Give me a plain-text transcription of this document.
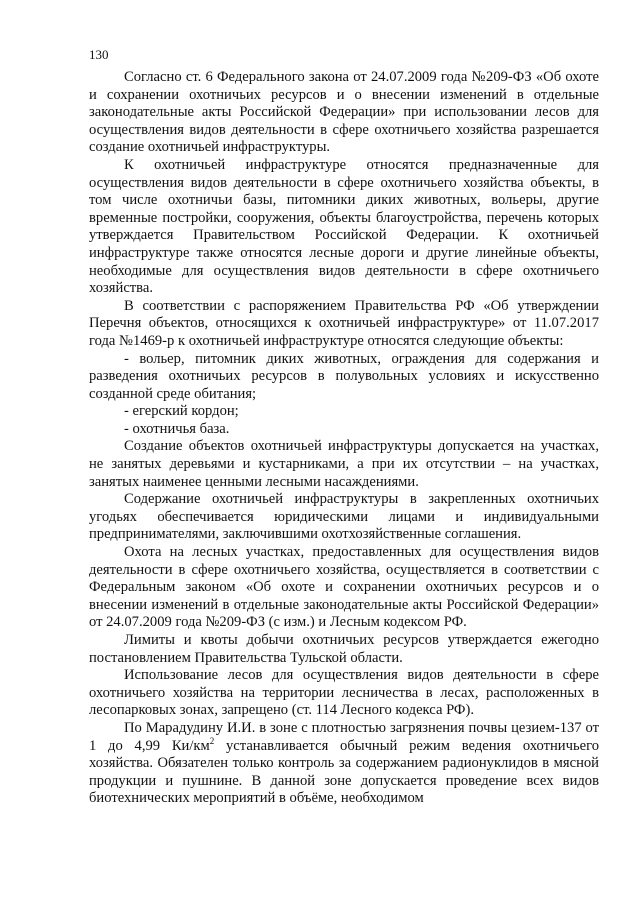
130

Согласно ст. 6 Федерального закона от 24.07.2009 года №209-ФЗ «Об охоте и сохранении охотничьих ресурсов и о внесении изменений в отдельные законодательные акты Российской Федерации» при использовании лесов для осуществления видов деятельности в сфере охотничьего хозяйства разрешается создание охотничьей инфраструктуры.

К охотничьей инфраструктуре относятся предназначенные для осуществления видов деятельности в сфере охотничьего хозяйства объекты, в том числе охотничьи базы, питомники диких животных, вольеры, другие временные постройки, сооружения, объекты благоустройства, перечень которых утверждается Правительством Российской Федерации. К охотничьей инфраструктуре также относятся лесные дороги и другие линейные объекты, необходимые для осуществления видов деятельности в сфере охотничьего хозяйства.

В соответствии с распоряжением Правительства РФ «Об утверждении Перечня объектов, относящихся к охотничьей инфраструктуре» от 11.07.2017 года №1469-р к охотничьей инфраструктуре относятся следующие объекты:

- вольер, питомник диких животных, ограждения для содержания и разведения охотничьих ресурсов в полувольных условиях и искусственно созданной среде обитания;

- егерский кордон;

- охотничья база.

Создание объектов охотничьей инфраструктуры допускается на участках, не занятых деревьями и кустарниками, а при их отсутствии – на участках, занятых наименее ценными лесными насаждениями.

Содержание охотничьей инфраструктуры в закрепленных охотничьих угодьях обеспечивается юридическими лицами и индивидуальными предпринимателями, заключившими охотхозяйственные соглашения.

Охота на лесных участках, предоставленных для осуществления видов деятельности в сфере охотничьего хозяйства, осуществляется в соответствии с Федеральным законом «Об охоте и сохранении охотничьих ресурсов и о внесении изменений в отдельные законодательные акты Российской Федерации» от 24.07.2009 года №209-ФЗ (с изм.) и Лесным кодексом РФ.

Лимиты и квоты добычи охотничьих ресурсов утверждается ежегодно постановлением Правительства Тульской области.

Использование лесов для осуществления видов деятельности в сфере охотничьего хозяйства на территории лесничества в лесах, расположенных в лесопарковых зонах, запрещено (ст. 114 Лесного кодекса РФ).

По Марадудину И.И. в зоне с плотностью загрязнения почвы цезием-137 от 1 до 4,99 $Ки/км^2$ устанавливается обычный режим ведения охотничьего хозяйства. Обязателен только контроль за содержанием радионуклидов в мясной продукции и пушнине. В данной зоне допускается проведение всех видов биотехнических мероприятий в объёме, необходимом
